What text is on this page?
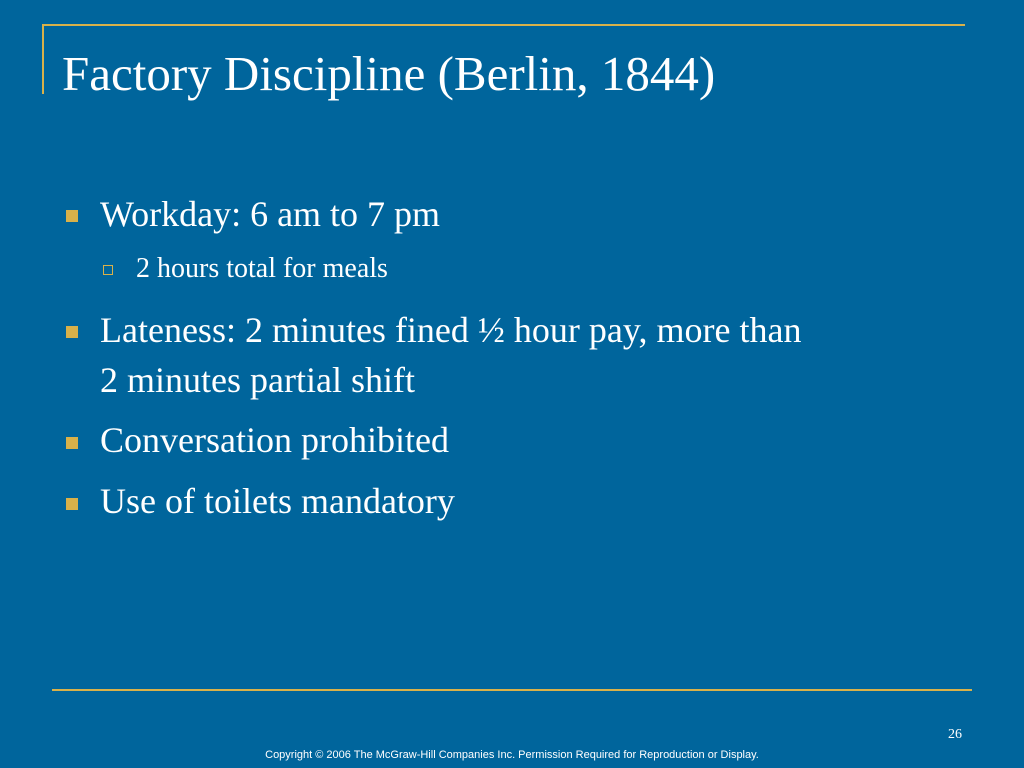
Factory Discipline (Berlin, 1844)
Workday: 6 am to 7 pm
2 hours total for meals
Lateness: 2 minutes fined ½ hour pay, more than
2 minutes partial shift
Conversation prohibited
Use of toilets mandatory
26
Copyright © 2006 The McGraw-Hill Companies Inc. Permission Required for Reproduction or Display.
